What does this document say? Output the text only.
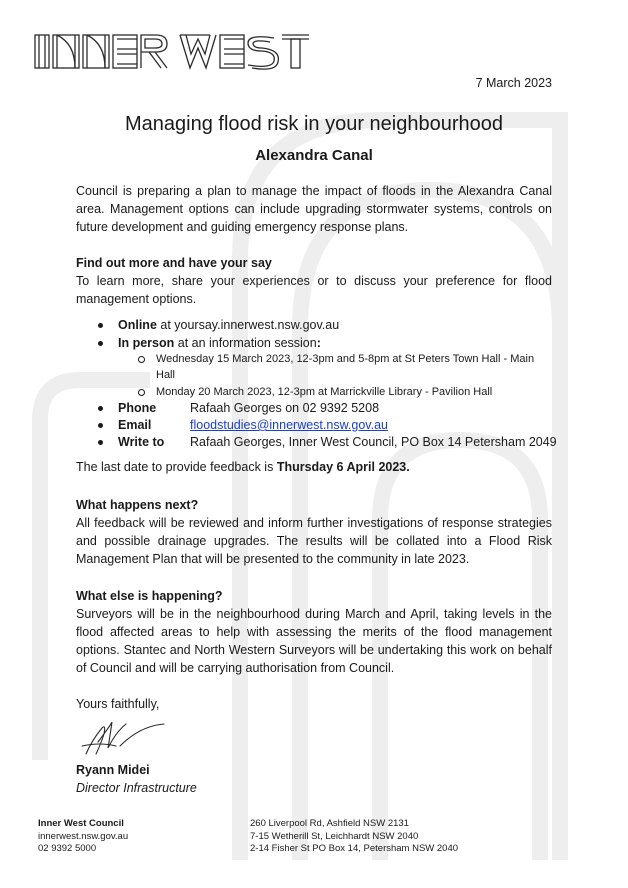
7 March 2023
Managing flood risk in your neighbourhood
Alexandra Canal

Council is preparing a plan to manage the impact of floods in the Alexandra Canal area. Management options can include upgrading stormwater systems, controls on future development and guiding emergency response plans.

Find out more and have your say

To learn more, share your experiences or to discuss your preference for flood management options.

Online at yoursay.innerwest.nsw.gov.au
In person at an information session:
Wednesday 15 March 2023, 12-3pm and 5-8pm at St Peters Town Hall - Main Hall
Monday 20 March 2023, 12-3pm at Marrickville Library - Pavilion Hall
Phone	Rafaah Georges on 02 9392 5208
Email	floodstudies@innerwest.nsw.gov.au
Write to Rafaah Georges, Inner West Council, PO Box 14 Petersham 2049

The last date to provide feedback is Thursday 6 April 2023.

What happens next?

All feedback will be reviewed and inform further investigations of response strategies and possible drainage upgrades. The results will be collated into a Flood Risk Management Plan that will be presented to the community in late 2023.

What else is happening?

Surveyors will be in the neighbourhood during March and April, taking levels in the flood affected areas to help with assessing the merits of the flood management options. Stantec and North Western Surveyors will be undertaking this work on behalf of Council and will be carrying authorisation from Council.

Yours faithfully,

Ryann Midei

Director Infrastructure

Inner West Council
innerwest.nsw.gov.au
02 9392 5000
260 Liverpool Rd, Ashfield NSW 2131
7-15 Wetherill St, Leichhardt NSW 2040
2-14 Fisher St PO Box 14, Petersham NSW 2040
